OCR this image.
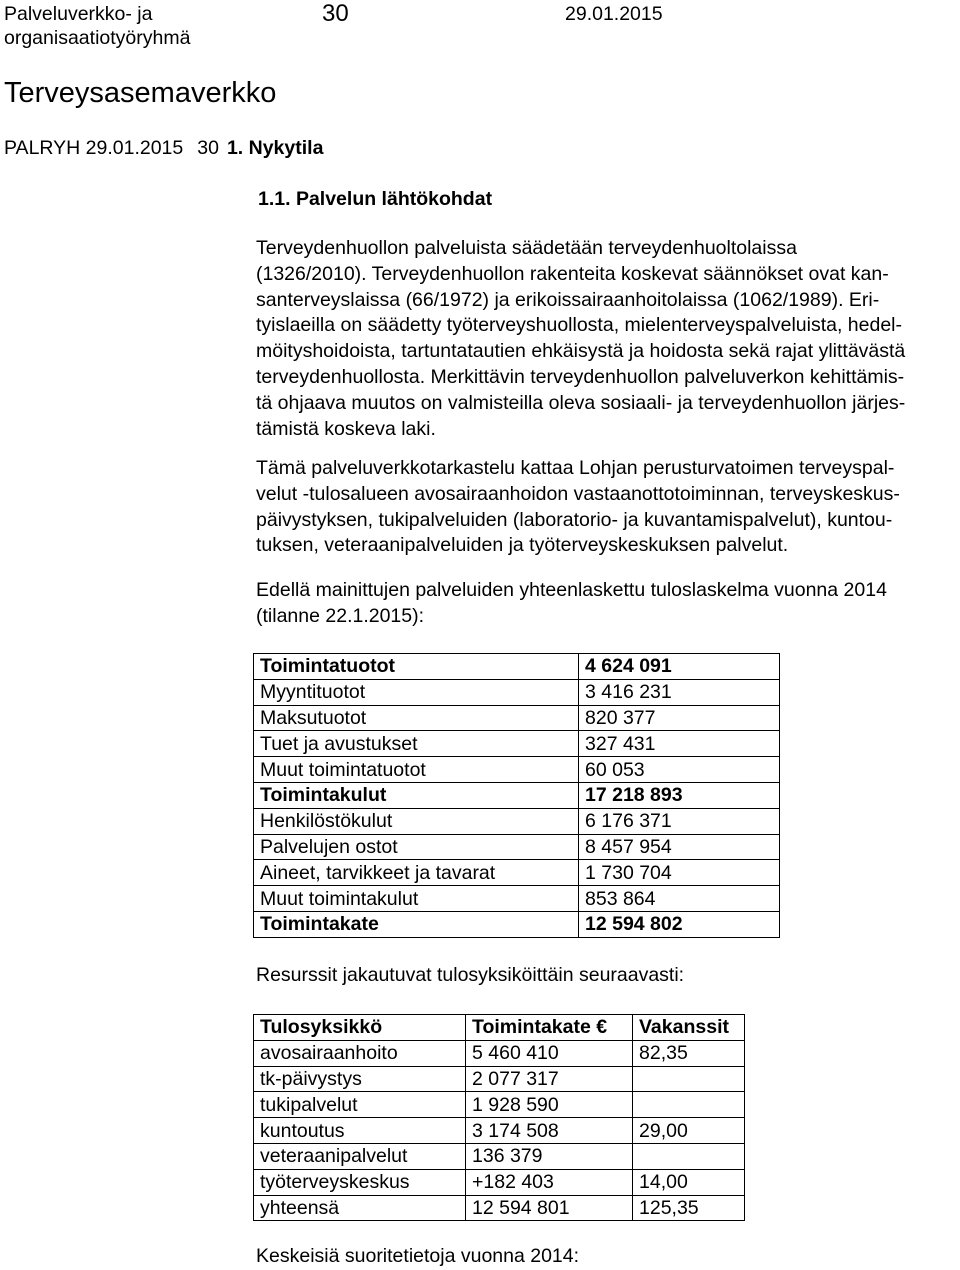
Palveluverkko- ja
organisaatiotyöryhmä
30	29.01.2015
Terveysasemaverkko
PALRYH 29.01.2015 30 1. Nykytila
1.1. Palvelun lähtökohdat
Terveydenhuollon palveluista säädetään terveydenhuoltolaissa
(1326/2010). Terveydenhuollon rakenteita koskevat säännökset ovat kan-
santerveyslaissa (66/1972) ja erikoissairaanhoitolaissa (1062/1989). Eri-
tyislaeilla on säädetty työterveyshuollosta, mielenterveyspalveluista, hedel-
möityshoidoista, tartuntatautien ehkäisystä ja hoidosta sekä rajat ylittävästä
terveydenhuollosta. Merkittävin terveydenhuollon palveluverkon kehittämis-
tä ohjaava muutos on valmisteilla oleva sosiaali- ja terveydenhuollon järjes-
tämistä koskeva laki.
Tämä palveluverkkotarkastelu kattaa Lohjan perusturvatoimen terveyspal-
velut -tulosalueen avosairaanhoidon vastaanottotoiminnan, terveyskeskus-
päivystyksen, tukipalveluiden (laboratorio- ja kuvantamispalvelut), kuntou-
tuksen, veteraanipalveluiden ja työterveyskeskuksen palvelut.
Edellä mainittujen palveluiden yhteenlaskettu tuloslaskelma vuonna 2014
(tilanne 22.1.2015):
Toimintatuotot	4 624 091
Myyntituotot	3 416 231
Maksutuotot	820 377
Tuet ja avustukset	327 431
Muut toimintatuotot	60 053
Toimintakulut	17 218 893
Henkilöstökulut	6 176 371
Palvelujen ostot	8 457 954
Aineet, tarvikkeet ja tavarat	1 730 704
Muut toimintakulut	853 864
Toimintakate	12 594 802
Resurssit jakautuvat tulosyksiköittäin seuraavasti:
Tulosyksikkö	Toimintakate €	Vakanssit
avosairaanhoito	5 460 410	82,35
tk-päivystys	2 077 317	
tukipalvelut	1 928 590	
kuntoutus	3 174 508	29,00
veteraanipalvelut	136 379	
työterveyskeskus	+182 403	14,00
yhteensä	12 594 801	125,35
Keskeisiä suoritetietoja vuonna 2014:
